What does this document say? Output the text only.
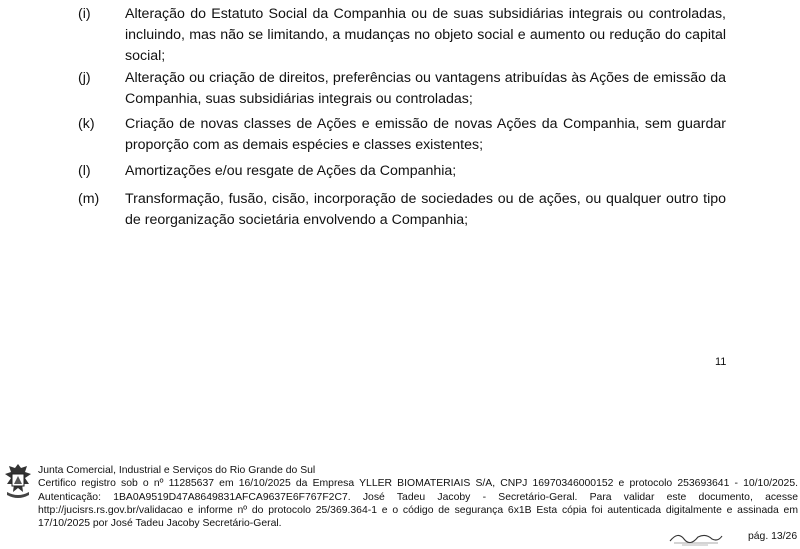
(i) Alteração do Estatuto Social da Companhia ou de suas subsidiárias integrais ou controladas, incluindo, mas não se limitando, a mudanças no objeto social e aumento ou redução do capital social;
(j) Alteração ou criação de direitos, preferências ou vantagens atribuídas às Ações de emissão da Companhia, suas subsidiárias integrais ou controladas;
(k) Criação de novas classes de Ações e emissão de novas Ações da Companhia, sem guardar proporção com as demais espécies e classes existentes;
(l) Amortizações e/ou resgate de Ações da Companhia;
(m) Transformação, fusão, cisão, incorporação de sociedades ou de ações, ou qualquer outro tipo de reorganização societária envolvendo a Companhia;
11
Junta Comercial, Industrial e Serviços do Rio Grande do Sul
Certifico registro sob o nº 11285637 em 16/10/2025 da Empresa YLLER BIOMATERIAIS S/A, CNPJ 16970346000152 e protocolo 253693641 - 10/10/2025. Autenticação: 1BA0A9519D47A8649831AFCA9637E6F767F2C7. José Tadeu Jacoby - Secretário-Geral. Para validar este documento, acesse http://jucisrs.rs.gov.br/validacao e informe nº do protocolo 25/369.364-1 e o código de segurança 6x1B Esta cópia foi autenticada digitalmente e assinada em 17/10/2025 por José Tadeu Jacoby Secretário-Geral.
pág. 13/26
